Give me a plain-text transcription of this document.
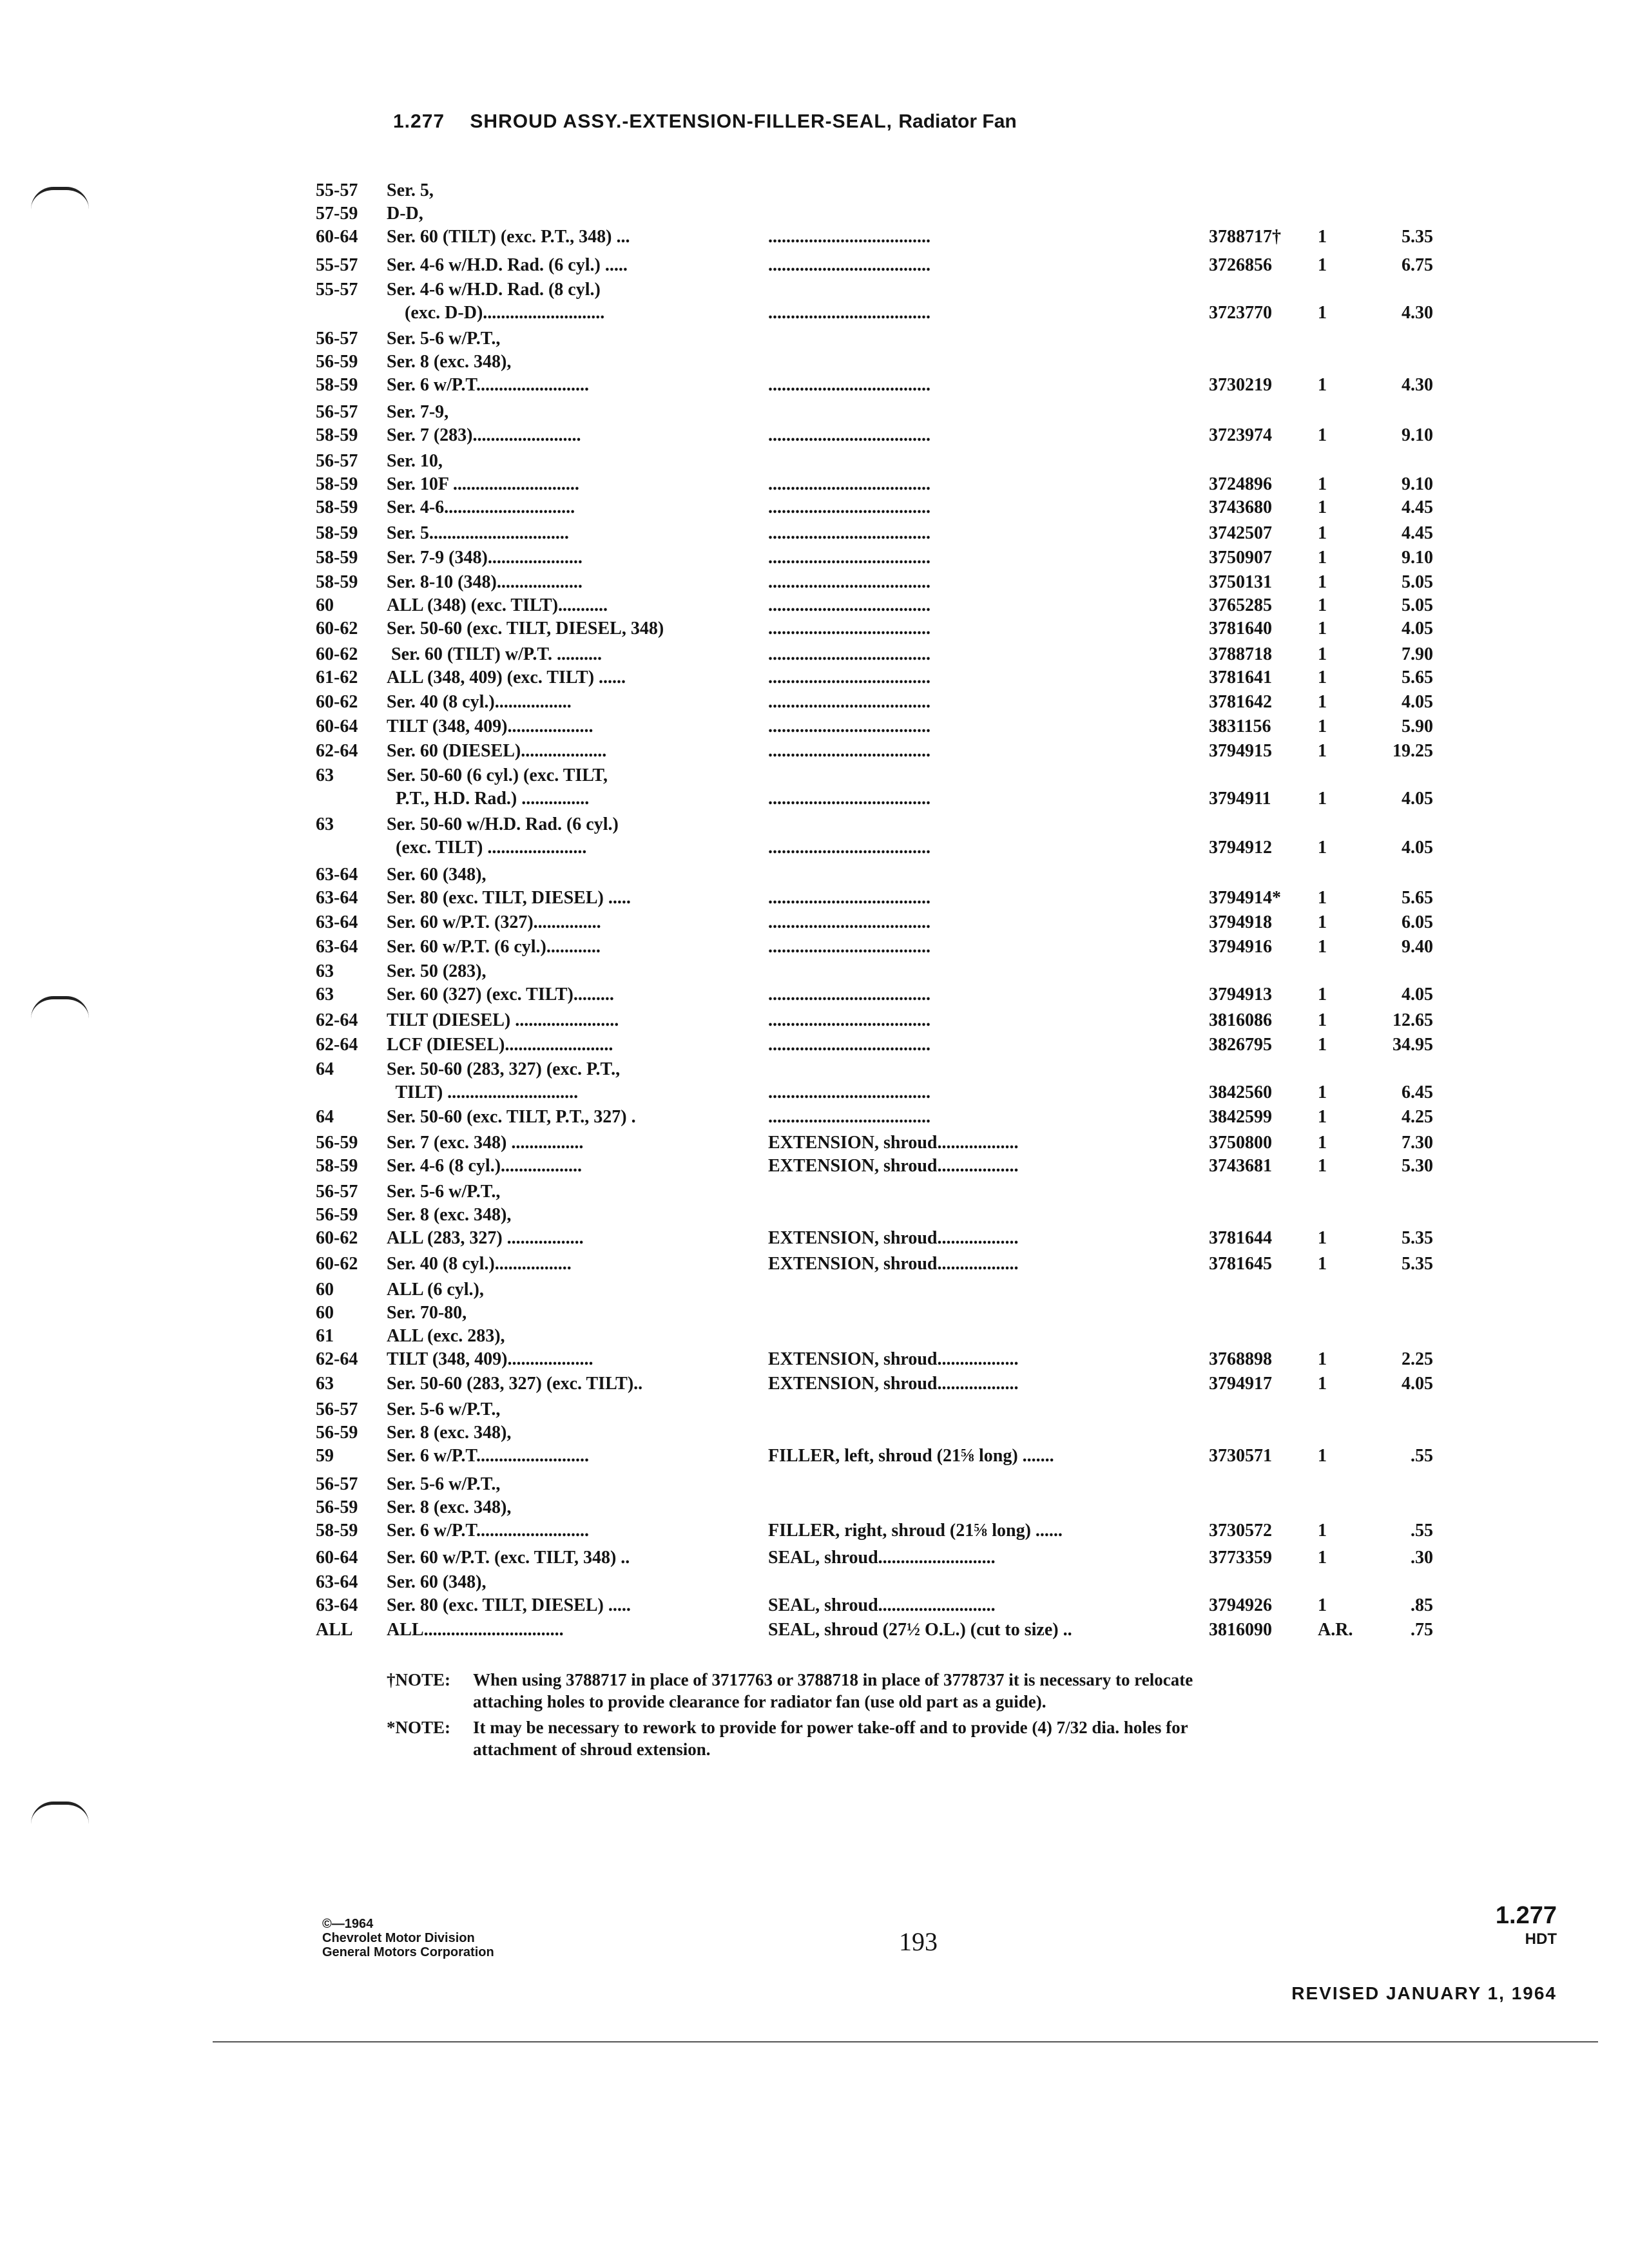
1.277 SHROUD ASSY.-EXTENSION-FILLER-SEAL, Radiator Fan
55-57 Ser. 5,
57-59 D-D,
60-64 Ser. 60 (TILT) (exc. P.T., 348) ...	....................................	3788717† 1	5.35
55-57 Ser. 4-6 w/H.D. Rad. (6 cyl.) .....	....................................	3726856	1	6.75
55-57 Ser. 4-6 w/H.D. Rad. (8 cyl.)
(exc. D-D)...........................	....................................	3723770	1	4.30
56-57 Ser. 5-6 w/P.T.,
56-59 Ser. 8 (exc. 348),
58-59 Ser. 6 w/P.T.........................	....................................	3730219	1	4.30
56-57 Ser. 7-9,
58-59 Ser. 7 (283)........................	....................................	3723974	1	9.10
56-57 Ser. 10,
58-59 Ser. 10F ............................	....................................	3724896	1	9.10
58-59 Ser. 4-6.............................	....................................	3743680	1	4.45
58-59 Ser. 5...............................	....................................	3742507	1	4.45
58-59 Ser. 7-9 (348).....................	....................................	3750907	1	9.10
58-59 Ser. 8-10 (348)...................	....................................	3750131	1	5.05
60	ALL (348) (exc. TILT)...........	....................................	3765285	1	5.05
60-62 Ser. 50-60 (exc. TILT, DIESEL, 348)	....................................	3781640	1	4.05
60-62 Ser. 60 (TILT) w/P.T. ..........	....................................	3788718	1	7.90
61-62 ALL (348, 409) (exc. TILT) ......	....................................	3781641	1	5.65
60-62 Ser. 40 (8 cyl.).................	....................................	3781642	1	4.05
60-64 TILT (348, 409)...................	....................................	3831156	1	5.90
62-64 Ser. 60 (DIESEL)...................	....................................	3794915	1	19.25
63	Ser. 50-60 (6 cyl.) (exc. TILT,
P.T., H.D. Rad.) ...............	....................................	3794911	1	4.05
63	Ser. 50-60 w/H.D. Rad. (6 cyl.)
(exc. TILT) ......................	....................................	3794912	1	4.05
63-64 Ser. 60 (348),
63-64 Ser. 80 (exc. TILT, DIESEL) .....	....................................	3794914* 1	5.65
63-64 Ser. 60 w/P.T. (327)...............	....................................	3794918	1	6.05
63-64 Ser. 60 w/P.T. (6 cyl.)............	....................................	3794916	1	9.40
63	Ser. 50 (283),
63	Ser. 60 (327) (exc. TILT).........	....................................	3794913	1	4.05
62-64 TILT (DIESEL) .......................	....................................	3816086	1	12.65
62-64 LCF (DIESEL)........................	....................................	3826795	1	34.95
64	Ser. 50-60 (283, 327) (exc. P.T.,
TILT) .............................	....................................	3842560	1	6.45
64	Ser. 50-60 (exc. TILT, P.T., 327) .	....................................	3842599	1	4.25
56-59 Ser. 7 (exc. 348) ................	EXTENSION, shroud..................	3750800	1	7.30
58-59 Ser. 4-6 (8 cyl.)..................	EXTENSION, shroud..................	3743681	1	5.30
56-57 Ser. 5-6 w/P.T.,
56-59 Ser. 8 (exc. 348),
60-62 ALL (283, 327) .................	EXTENSION, shroud..................	3781644	1	5.35
60-62 Ser. 40 (8 cyl.).................	EXTENSION, shroud..................	3781645	1	5.35
60	ALL (6 cyl.),
60	Ser. 70-80,
61	ALL (exc. 283),
62-64 TILT (348, 409)...................	EXTENSION, shroud..................	3768898	1	2.25
63	Ser. 50-60 (283, 327) (exc. TILT)..	EXTENSION, shroud..................	3794917	1	4.05
56-57 Ser. 5-6 w/P.T.,
56-59 Ser. 8 (exc. 348),
59	Ser. 6 w/P.T.........................	FILLER, left, shroud (21⅝ long) .......	3730571	1	.55
56-57 Ser. 5-6 w/P.T.,
56-59 Ser. 8 (exc. 348),
58-59 Ser. 6 w/P.T.........................	FILLER, right, shroud (21⅝ long) ......	3730572	1	.55
60-64 Ser. 60 w/P.T. (exc. TILT, 348) ..	SEAL, shroud..........................	3773359	1	.30
63-64 Ser. 60 (348),
63-64 Ser. 80 (exc. TILT, DIESEL) .....	SEAL, shroud..........................	3794926	1	.85
ALL ALL...............................	SEAL, shroud (27½ O.L.) (cut to size) ..	3816090	A.R.	.75
†NOTE: When using 3788717 in place of 3717763 or 3788718 in place of 3778737 it is necessary to relocate attaching holes to provide clearance for radiator fan (use old part as a guide).
*NOTE: It may be necessary to rework to provide for power take-off and to provide (4) 7/32 dia. holes for attachment of shroud extension.
©—1964
Chevrolet Motor Division
General Motors Corporation	193
1.277
HDT
REVISED JANUARY 1, 1964
